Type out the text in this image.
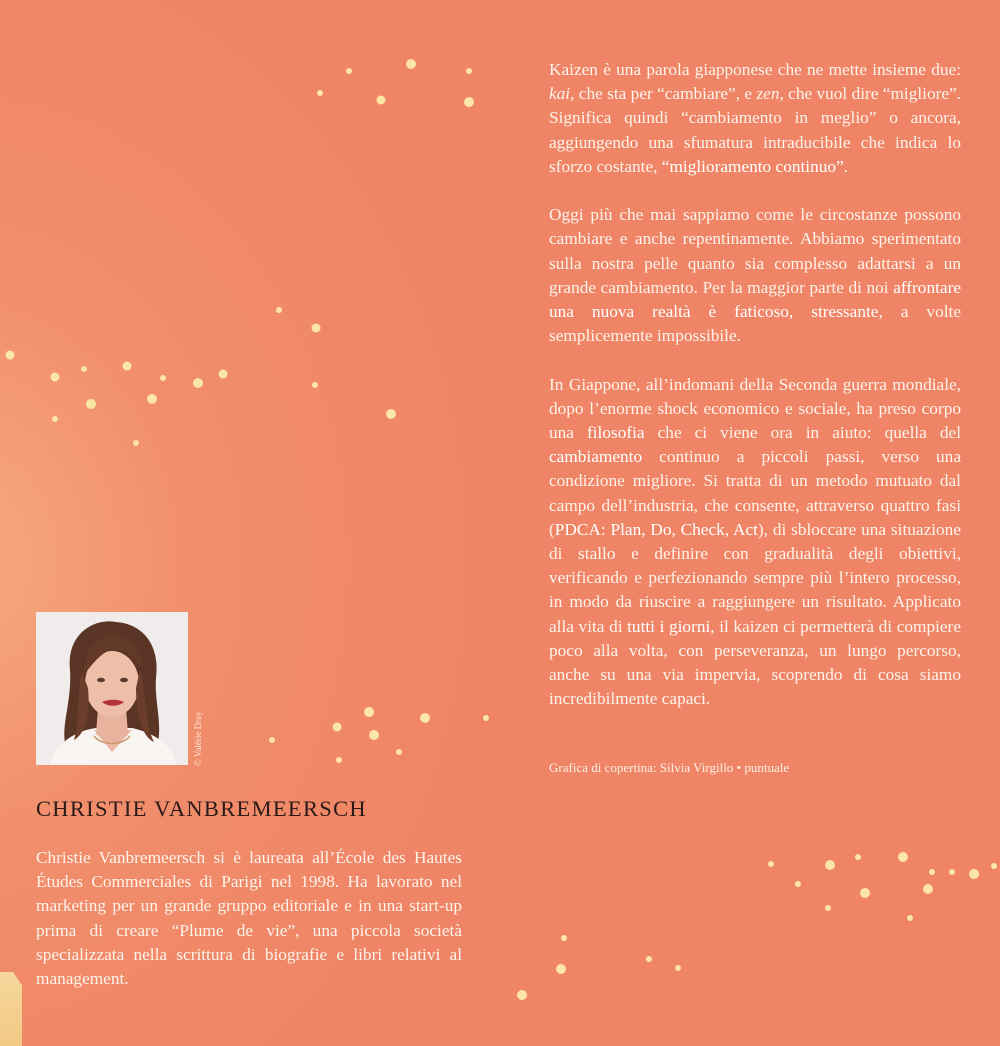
Kaizen è una parola giapponese che ne mette insieme due: kai, che sta per “cambiare”, e zen, che vuol dire “migliore”. Significa quindi “cambiamento in meglio” o ancora, aggiungendo una sfumatura intraducibile che indica lo sforzo costante, “miglioramento continuo”.

Oggi più che mai sappiamo come le circostanze possono cambiare e anche repentinamente. Abbiamo sperimentato sulla nostra pelle quanto sia complesso adattarsi a un grande cambiamento. Per la maggior parte di noi affrontare una nuova realtà è faticoso, stressante, a volte semplicemente impossibile.

In Giappone, all’indomani della Seconda guerra mondiale, dopo l’enorme shock economico e sociale, ha preso corpo una filosofia che ci viene ora in aiuto: quella del cambiamento continuo a piccoli passi, verso una condizione migliore. Si tratta di un metodo mutuato dal campo dell’industria, che consente, attraverso quattro fasi (PDCA: Plan, Do, Check, Act), di sbloccare una situazione di stallo e definire con gradualità degli obiettivi, verificando e perfezionando sempre più l’intero processo, in modo da riuscire a raggiungere un risultato. Applicato alla vita di tutti i giorni, il kaizen ci permetterà di compiere poco alla volta, con perseveranza, un lungo percorso, anche su una via impervia, scoprendo di cosa siamo incredibilmente capaci.

Grafica di copertina: Silvia Virgillo • puntuale
© Valérie Dray
CHRISTIE VANBREMEERSCH
Christie Vanbremeersch si è laureata all’École des Hautes Études Commerciales di Parigi nel 1998. Ha lavorato nel marketing per un grande gruppo editoriale e in una start-up prima di creare “Plume de vie”, una piccola società specializzata nella scrittura di biografie e libri relativi al management.
